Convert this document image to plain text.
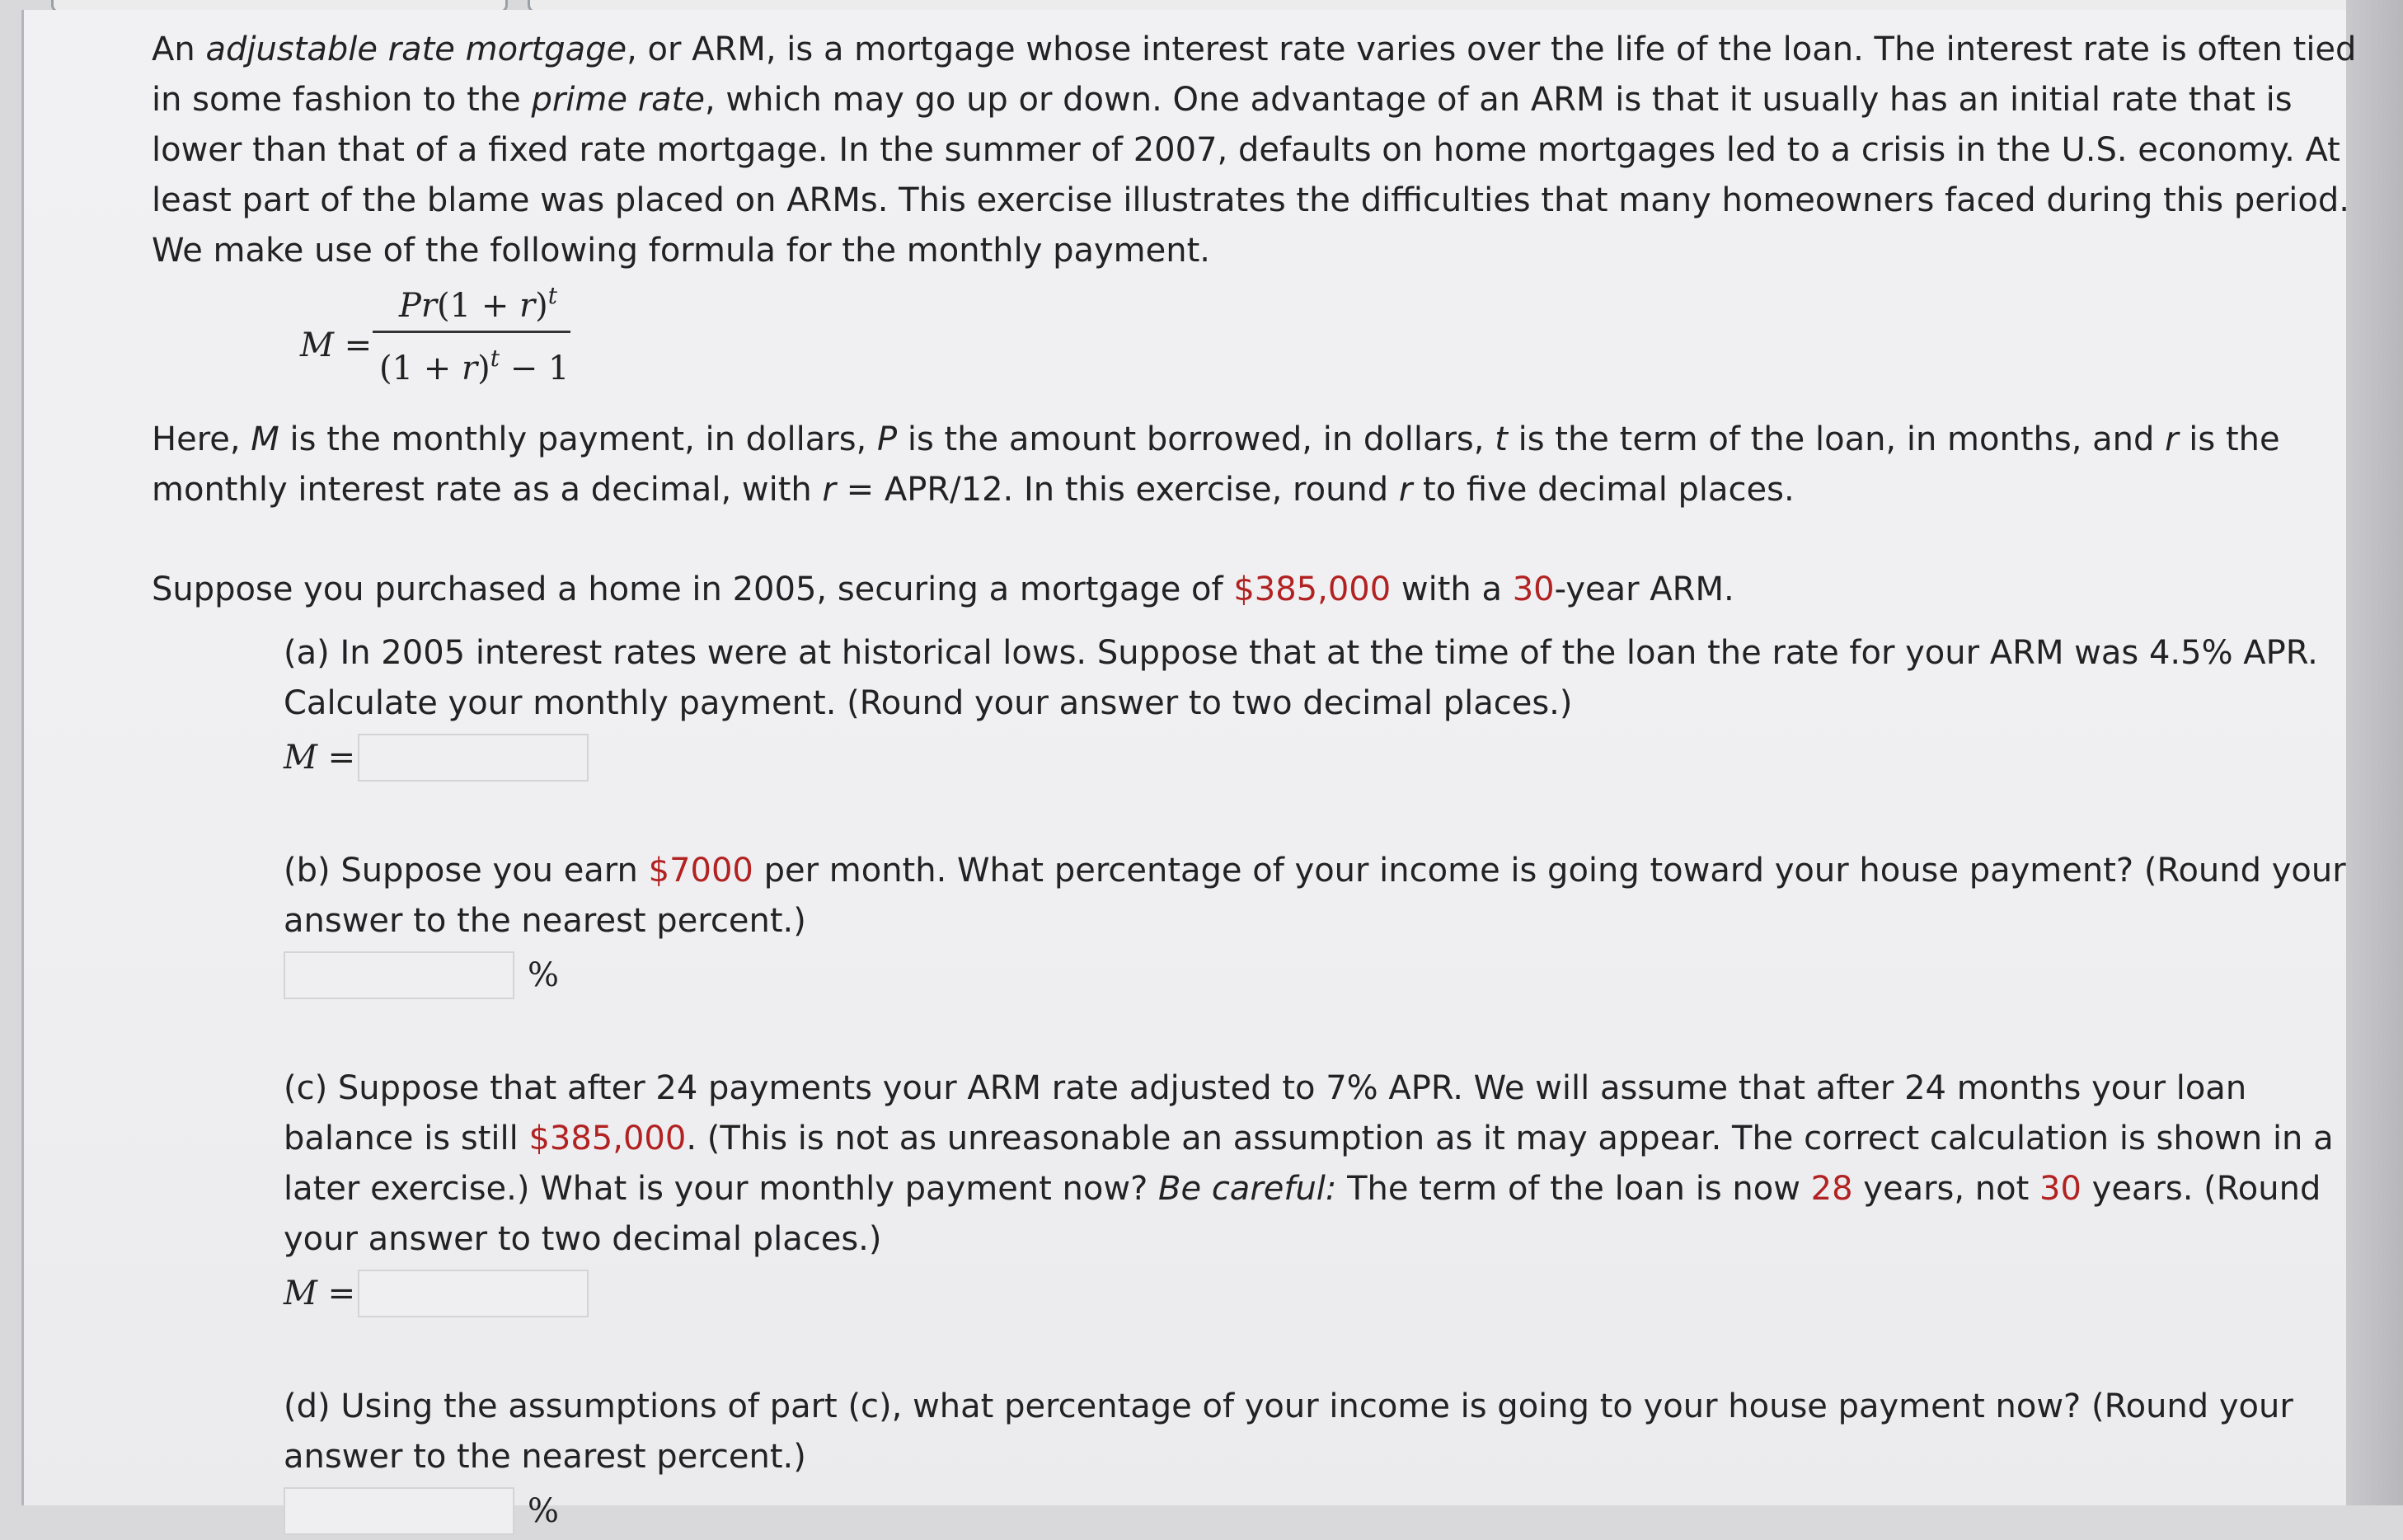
An adjustable rate mortgage, or ARM, is a mortgage whose interest rate varies over the life of the loan. The interest rate is often tied in some fashion to the prime rate, which may go up or down. One advantage of an ARM is that it usually has an initial rate that is lower than that of a fixed rate mortgage. In the summer of 2007, defaults on home mortgages led to a crisis in the U.S. economy. At least part of the blame was placed on ARMs. This exercise illustrates the difficulties that many homeowners faced during this period. We make use of the following formula for the monthly payment.

M =
$Pr(1 + r)^t$
$(1 + r)^t - 1$

Here, M is the monthly payment, in dollars, P is the amount borrowed, in dollars, t is the term of the loan, in months, and r is the monthly interest rate as a decimal, with r = APR/12. In this exercise, round r to five decimal places.

Suppose you purchased a home in 2005, securing a mortgage of $385,000 with a 30-year ARM.

(a) In 2005 interest rates were at historical lows. Suppose that at the time of the loan the rate for your ARM was 4.5% APR. Calculate your monthly payment. (Round your answer to two decimal places.)

M =

(b) Suppose you earn $7000 per month. What percentage of your income is going toward your house payment? (Round your answer to the nearest percent.)

%

(c) Suppose that after 24 payments your ARM rate adjusted to 7% APR. We will assume that after 24 months your loan balance is still $385,000. (This is not as unreasonable an assumption as it may appear. The correct calculation is shown in a later exercise.) What is your monthly payment now? Be careful: The term of the loan is now 28 years, not 30 years. (Round your answer to two decimal places.)

M =

(d) Using the assumptions of part (c), what percentage of your income is going to your house payment now? (Round your answer to the nearest percent.)

%
